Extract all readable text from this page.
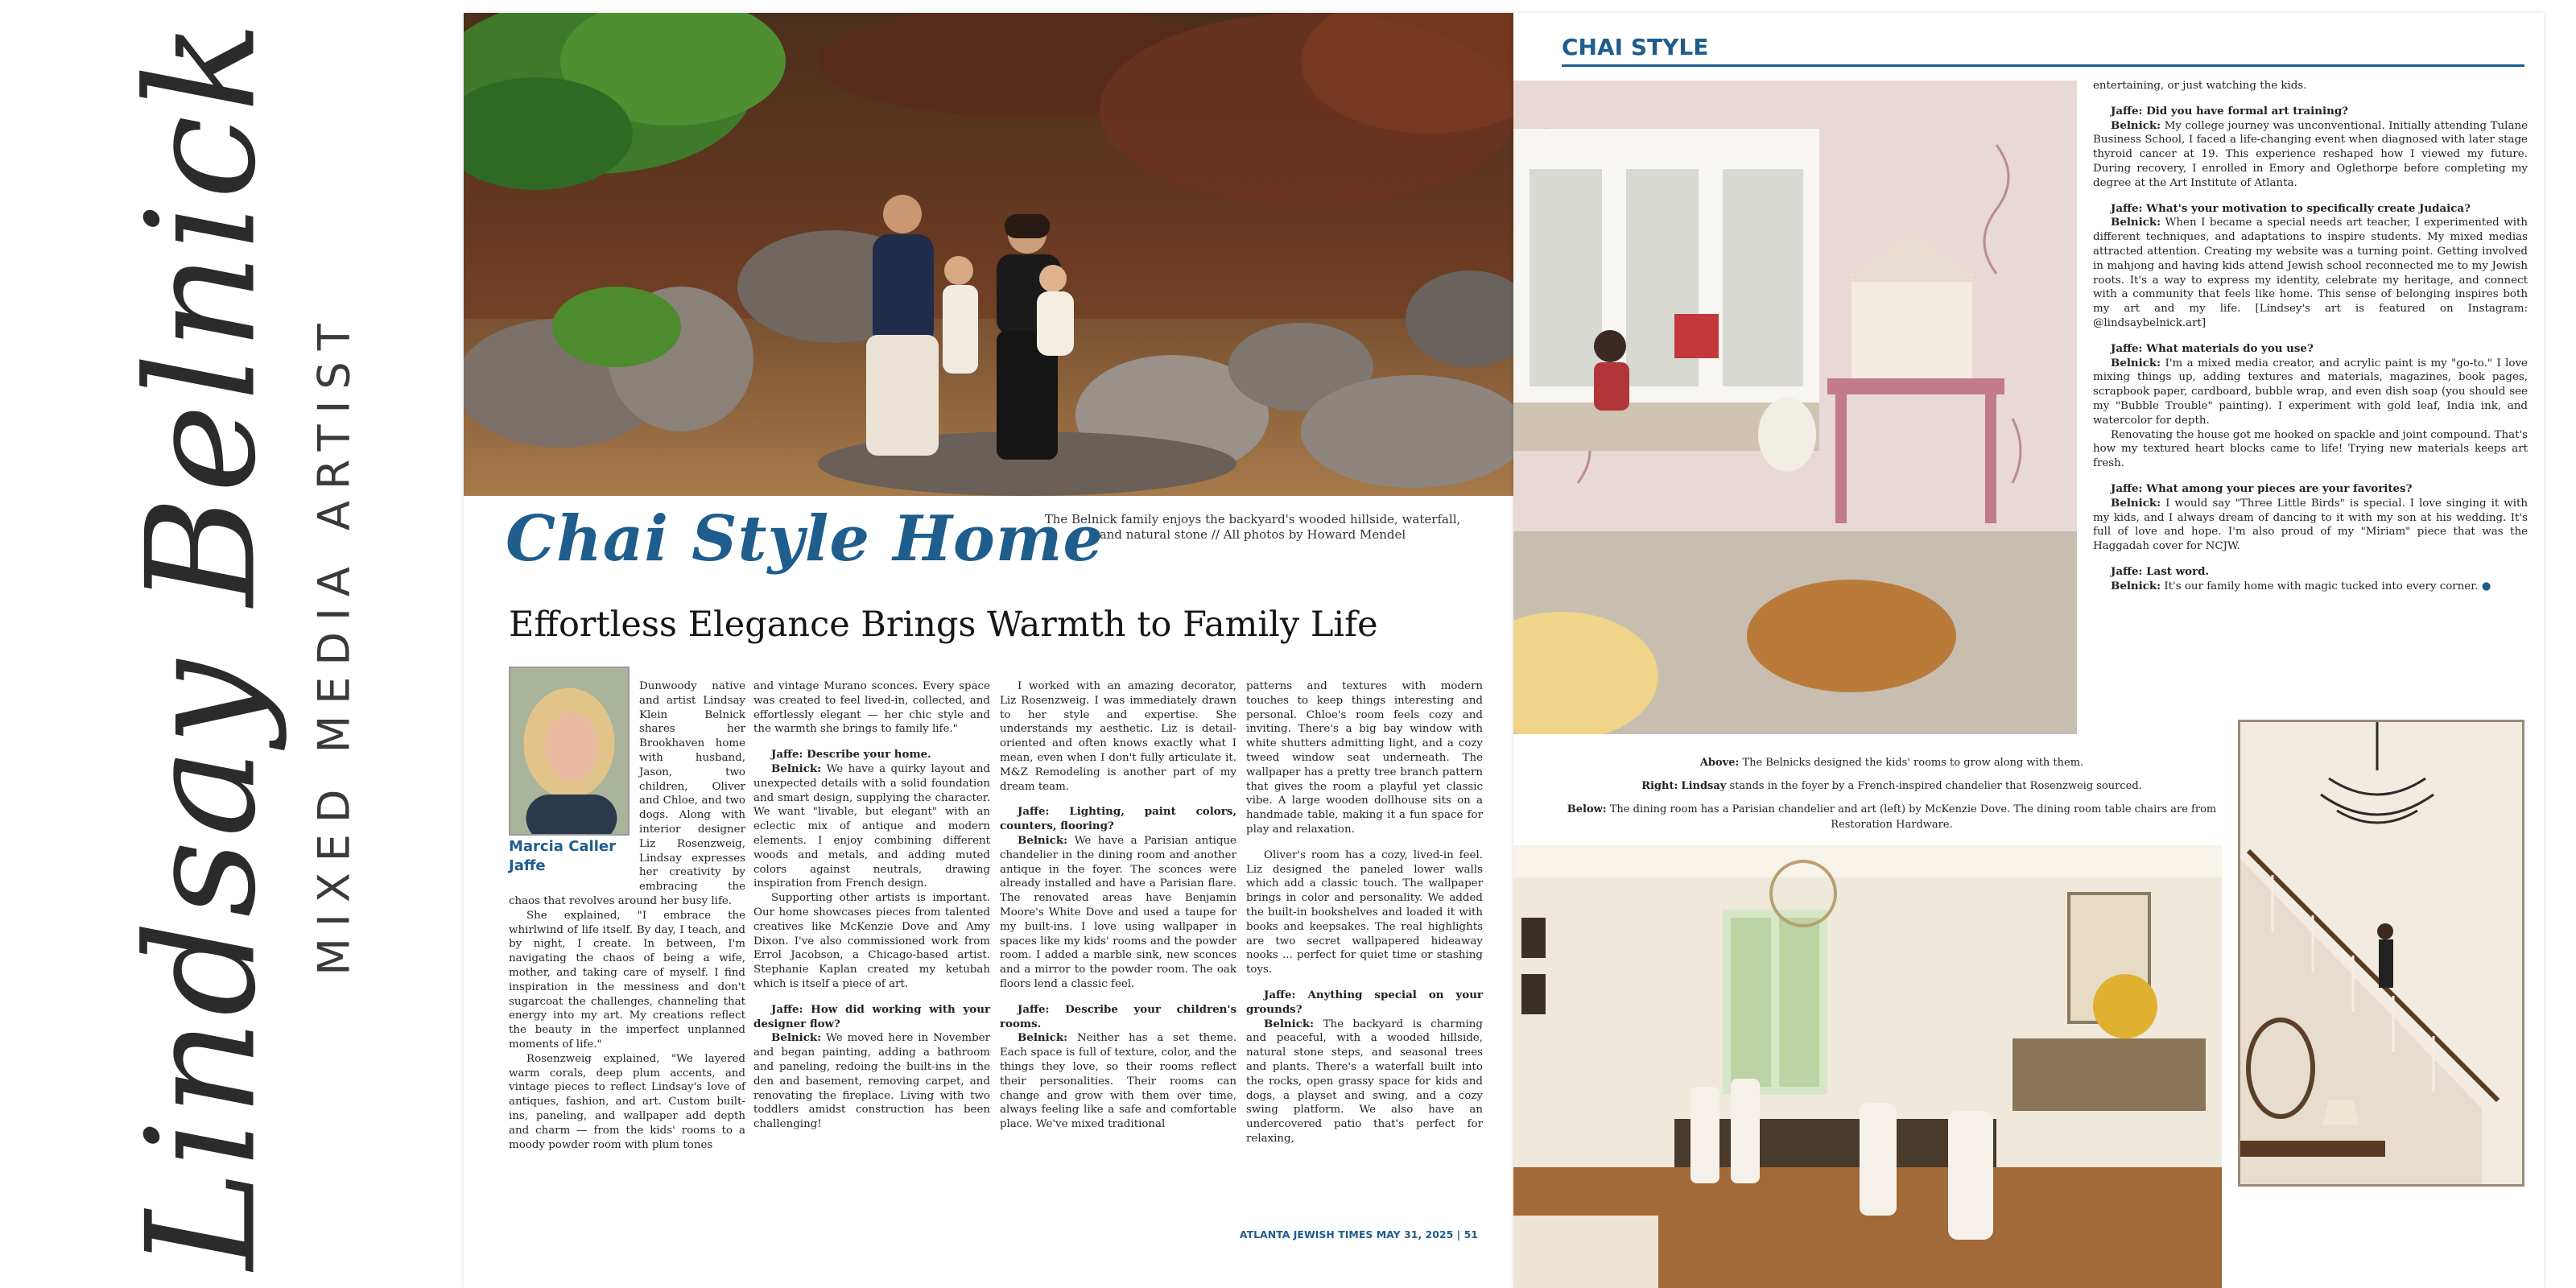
Lindsay Belnick MIXED MEDIA ARTIST Chai Style Home
The Belnick family enjoys the backyard's wooded hillside, waterfall, and natural stone // All photos by Howard Mendel
Effortless Elegance Brings Warmth to Family Life
Marcia Caller Jaffe

Dunwoody native and artist Lindsay Klein Belnick shares her Brookhaven home with husband, Jason, two children, Oliver and Chloe, and two dogs. Along with interior designer Liz Rosenzweig, Lindsay expresses her creativity by embracing the chaos that revolves around her busy life.

She explained, "I embrace the whirlwind of life itself. By day, I teach, and by night, I create. In between, I'm navigating the chaos of being a wife, mother, and taking care of myself. I find inspiration in the messiness and don't sugarcoat the challenges, channeling that energy into my art. My creations reflect the beauty in the imperfect unplanned moments of life."

Rosenzweig explained, "We layered warm corals, deep plum accents, and vintage pieces to reflect Lindsay's love of antiques, fashion, and art. Custom built-ins, paneling, and wallpaper add depth and charm — from the kids' rooms to a moody powder room with plum tones

and vintage Murano sconces. Every space was created to feel lived-in, collected, and effortlessly elegant — her chic style and the warmth she brings to family life."

Jaffe: Describe your home.

Belnick: We have a quirky layout and unexpected details with a solid foundation and smart design, supplying the character. We want "livable, but elegant" with an eclectic mix of antique and modern elements. I enjoy combining different woods and metals, and adding muted colors against neutrals, drawing inspiration from French design.

Supporting other artists is important. Our home showcases pieces from talented creatives like McKenzie Dove and Amy Dixon. I've also commissioned work from Errol Jacobson, a Chicago-based artist. Stephanie Kaplan created my ketubah which is itself a piece of art.

Jaffe: How did working with your designer flow?

Belnick: We moved here in November and began painting, adding a bathroom and paneling, redoing the built-ins in the den and basement, removing carpet, and renovating the fireplace. Living with two toddlers amidst construction has been challenging!

I worked with an amazing decorator, Liz Rosenzweig. I was immediately drawn to her style and expertise. She understands my aesthetic. Liz is detail-oriented and often knows exactly what I mean, even when I don't fully articulate it. M&Z Remodeling is another part of my dream team.

Jaffe: Lighting, paint colors, counters, flooring?

Belnick: We have a Parisian antique chandelier in the dining room and another antique in the foyer. The sconces were already installed and have a Parisian flare. The renovated areas have Benjamin Moore's White Dove and used a taupe for my built-ins. I love using wallpaper in spaces like my kids' rooms and the powder room. I added a marble sink, new sconces and a mirror to the powder room. The oak floors lend a classic feel.

Jaffe: Describe your children's rooms.

Belnick: Neither has a set theme. Each space is full of texture, color, and the things they love, so their rooms reflect their personalities. Their rooms can change and grow with them over time, always feeling like a safe and comfortable place. We've mixed traditional

patterns and textures with modern touches to keep things interesting and personal. Chloe's room feels cozy and inviting. There's a big bay window with white shutters admitting light, and a cozy tweed window seat underneath. The wallpaper has a pretty tree branch pattern that gives the room a playful yet classic vibe. A large wooden dollhouse sits on a handmade table, making it a fun space for play and relaxation.

Oliver's room has a cozy, lived-in feel. Liz designed the paneled lower walls which add a classic touch. The wallpaper brings in color and personality. We added the built-in bookshelves and loaded it with books and keepsakes. The real highlights are two secret wallpapered hideaway nooks ... perfect for quiet time or stashing toys.

Jaffe: Anything special on your grounds?

Belnick: The backyard is charming and peaceful, with a wooded hillside, natural stone steps, and seasonal trees and plants. There's a waterfall built into the rocks, open grassy space for kids and dogs, a playset and swing, and a cozy swing platform. We also have an undercovered patio that's perfect for relaxing,

ATLANTA JEWISH TIMES MAY 31, 2025 | 51
CHAI STYLE

Above: The Belnicks designed the kids' rooms to grow along with them.

Right: Lindsay stands in the foyer by a French-inspired chandelier that Rosenzweig sourced.

Below: The dining room has a Parisian chandelier and art (left) by McKenzie Dove. The dining room table chairs are from Restoration Hardware.

entertaining, or just watching the kids.

Jaffe: Did you have formal art training?

Belnick: My college journey was unconventional. Initially attending Tulane Business School, I faced a life-changing event when diagnosed with later stage thyroid cancer at 19. This experience reshaped how I viewed my future. During recovery, I enrolled in Emory and Oglethorpe before completing my degree at the Art Institute of Atlanta.

Jaffe: What's your motivation to specifically create Judaica?

Belnick: When I became a special needs art teacher, I experimented with different techniques, and adaptations to inspire students. My mixed medias attracted attention. Creating my website was a turning point. Getting involved in mahjong and having kids attend Jewish school reconnected me to my Jewish roots. It's a way to express my identity, celebrate my heritage, and connect with a community that feels like home. This sense of belonging inspires both my art and my life. [Lindsey's art is featured on Instagram: @lindsaybelnick.art]

Jaffe: What materials do you use?

Belnick: I'm a mixed media creator, and acrylic paint is my "go-to." I love mixing things up, adding textures and materials, magazines, book pages, scrapbook paper, cardboard, bubble wrap, and even dish soap (you should see my "Bubble Trouble" painting). I experiment with gold leaf, India ink, and watercolor for depth.

Renovating the house got me hooked on spackle and joint compound. That's how my textured heart blocks came to life! Trying new materials keeps art fresh.

Jaffe: What among your pieces are your favorites?

Belnick: I would say "Three Little Birds" is special. I love singing it with my kids, and I always dream of dancing to it with my son at his wedding. It's full of love and hope. I'm also proud of my "Miriam" piece that was the Haggadah cover for NCJW.

Jaffe: Last word.

Belnick: It's our family home with magic tucked into every corner. ●
